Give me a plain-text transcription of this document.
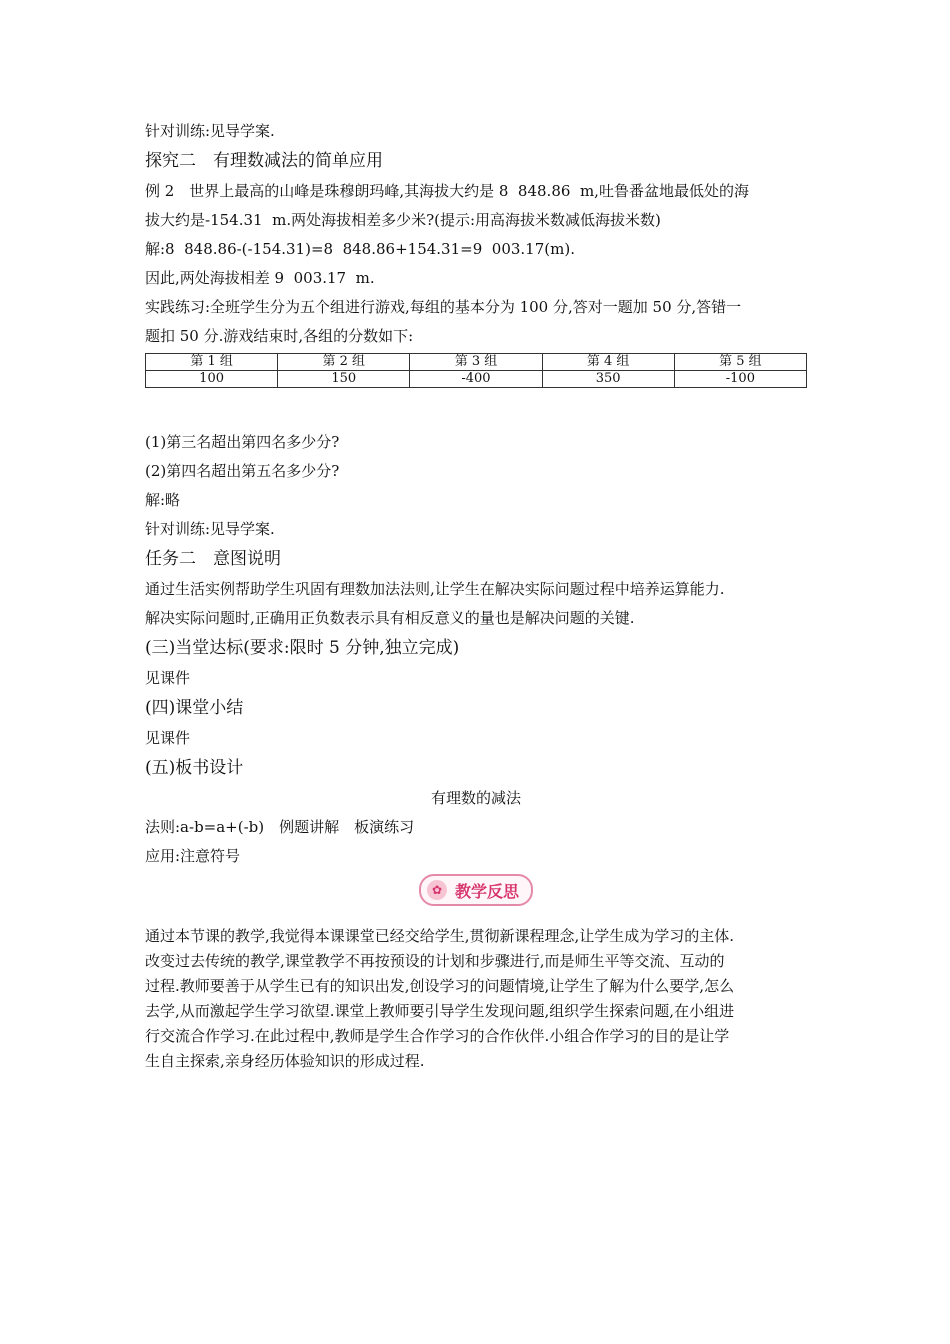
针对训练:见导学案.
探究二　有理数减法的简单应用
例 2　世界上最高的山峰是珠穆朗玛峰,其海拔大约是 8  848.86  m,吐鲁番盆地最低处的海
拔大约是-154.31  m.两处海拔相差多少米?(提示:用高海拔米数减低海拔米数)
解:8  848.86-(-154.31)=8  848.86+154.31=9  003.17(m).
因此,两处海拔相差 9  003.17  m.
实践练习:全班学生分为五个组进行游戏,每组的基本分为 100 分,答对一题加 50 分,答错一
题扣 50 分.游戏结束时,各组的分数如下:
第 1 组	第 2 组	第 3 组	第 4 组	第 5 组
100	150	-400	350	-100
(1)第三名超出第四名多少分?
(2)第四名超出第五名多少分?
解:略
针对训练:见导学案.
任务二　意图说明
通过生活实例帮助学生巩固有理数加法法则,让学生在解决实际问题过程中培养运算能力.
解决实际问题时,正确用正负数表示具有相反意义的量也是解决问题的关键.
(三)当堂达标(要求:限时 5 分钟,独立完成)
见课件
(四)课堂小结
见课件
(五)板书设计
有理数的减法
法则:a-b=a+(-b)　例题讲解　板演练习
应用:注意符号
✿ 教学反思
通过本节课的教学,我觉得本课课堂已经交给学生,贯彻新课程理念,让学生成为学习的主体.
改变过去传统的教学,课堂教学不再按预设的计划和步骤进行,而是师生平等交流、互动的
过程.教师要善于从学生已有的知识出发,创设学习的问题情境,让学生了解为什么要学,怎么
去学,从而激起学生学习欲望.课堂上教师要引导学生发现问题,组织学生探索问题,在小组进
行交流合作学习.在此过程中,教师是学生合作学习的合作伙伴.小组合作学习的目的是让学
生自主探索,亲身经历体验知识的形成过程.
